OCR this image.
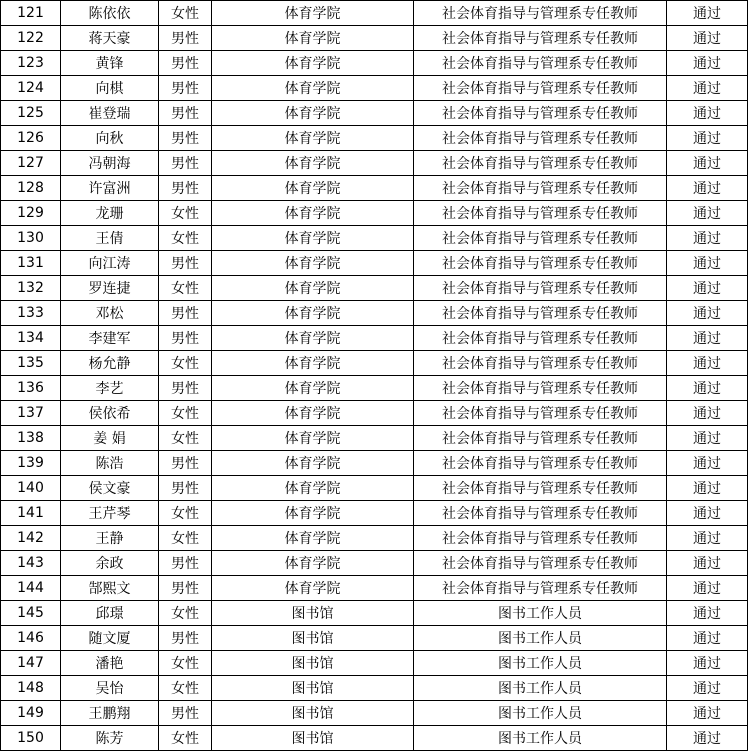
121	陈依依	女性	体育学院	社会体育指导与管理系专任教师	通过
122	蒋天豪	男性	体育学院	社会体育指导与管理系专任教师	通过
123	黄锋	男性	体育学院	社会体育指导与管理系专任教师	通过
124	向棋	男性	体育学院	社会体育指导与管理系专任教师	通过
125	崔登瑞	男性	体育学院	社会体育指导与管理系专任教师	通过
126	向秋	男性	体育学院	社会体育指导与管理系专任教师	通过
127	冯朝海	男性	体育学院	社会体育指导与管理系专任教师	通过
128	许富洲	男性	体育学院	社会体育指导与管理系专任教师	通过
129	龙珊	女性	体育学院	社会体育指导与管理系专任教师	通过
130	王倩	女性	体育学院	社会体育指导与管理系专任教师	通过
131	向江涛	男性	体育学院	社会体育指导与管理系专任教师	通过
132	罗连捷	女性	体育学院	社会体育指导与管理系专任教师	通过
133	邓松	男性	体育学院	社会体育指导与管理系专任教师	通过
134	李建军	男性	体育学院	社会体育指导与管理系专任教师	通过
135	杨允静	女性	体育学院	社会体育指导与管理系专任教师	通过
136	李艺	男性	体育学院	社会体育指导与管理系专任教师	通过
137	侯依希	女性	体育学院	社会体育指导与管理系专任教师	通过
138	姜 娟	女性	体育学院	社会体育指导与管理系专任教师	通过
139	陈浩	男性	体育学院	社会体育指导与管理系专任教师	通过
140	侯文豪	男性	体育学院	社会体育指导与管理系专任教师	通过
141	王芹琴	女性	体育学院	社会体育指导与管理系专任教师	通过
142	王静	女性	体育学院	社会体育指导与管理系专任教师	通过
143	余政	男性	体育学院	社会体育指导与管理系专任教师	通过
144	郜熙文	男性	体育学院	社会体育指导与管理系专任教师	通过
145	邱璟	女性	图书馆	图书工作人员	通过
146	随文厦	男性	图书馆	图书工作人员	通过
147	潘艳	女性	图书馆	图书工作人员	通过
148	吴怡	女性	图书馆	图书工作人员	通过
149	王鹏翔	男性	图书馆	图书工作人员	通过
150	陈芳	女性	图书馆	图书工作人员	通过
